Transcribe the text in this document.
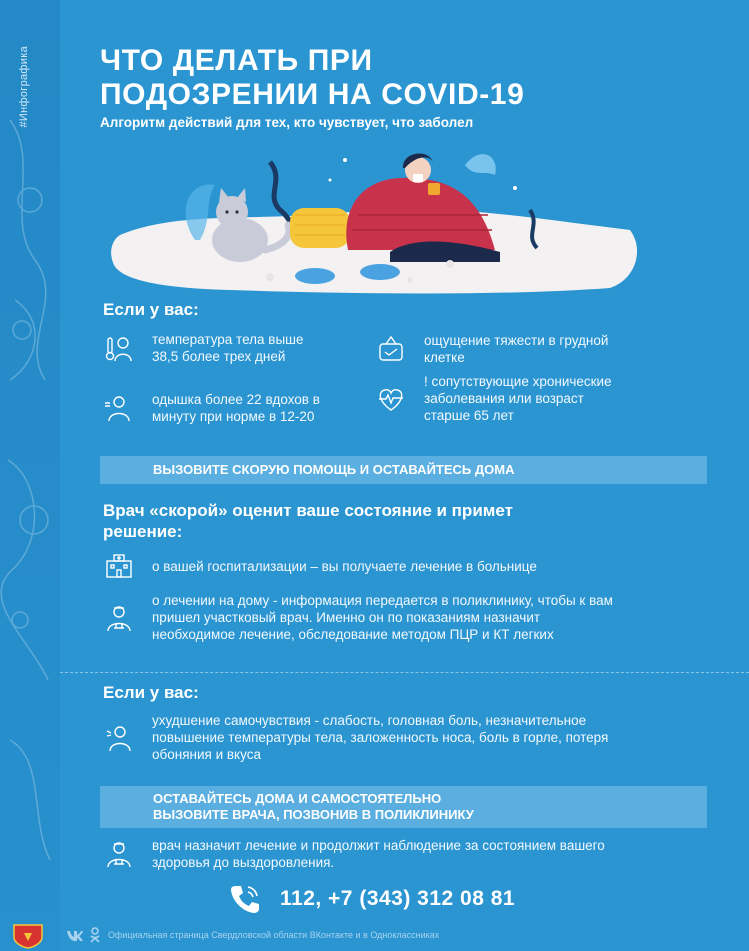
#Инфографика ЧТО ДЕЛАТЬ ПРИ
ПОДОЗРЕНИИ НА COVID-19
Алгоритм действий для тех, кто чувствует, что заболел
Если у вас:
температура тела выше 38,5 более трех дней
одышка более 22 вдохов в минуту при норме в 12-20
ощущение тяжести в грудной клетке
! сопутствующие хронические заболевания или возраст старше 65 лет
ВЫЗОВИТЕ СКОРУЮ ПОМОЩЬ И ОСТАВАЙТЕСЬ ДОМА
Врач «скорой» оценит ваше состояние и примет
решение:
о вашей госпитализации – вы получаете лечение в больнице
о лечении на дому - информация передается в поликлинику, чтобы к вам пришел участковый врач. Именно он по показаниям назначит необходимое лечение, обследование методом ПЦР и КТ легких
Если у вас:
ухудшение самочувствия - слабость, головная боль, незначительное повышение температуры тела, заложенность носа, боль в горле, потеря обоняния и вкуса
ОСТАВАЙТЕСЬ ДОМА И САМОСТОЯТЕЛЬНО
ВЫЗОВИТЕ ВРАЧА, ПОЗВОНИВ В ПОЛИКЛИНИКУ
врач назначит лечение и продолжит наблюдение за состоянием вашего здоровья до выздоровления.
112, +7 (343) 312 08 81
Официальная страница Свердловской области ВКонтакте и в Одноклассниках
